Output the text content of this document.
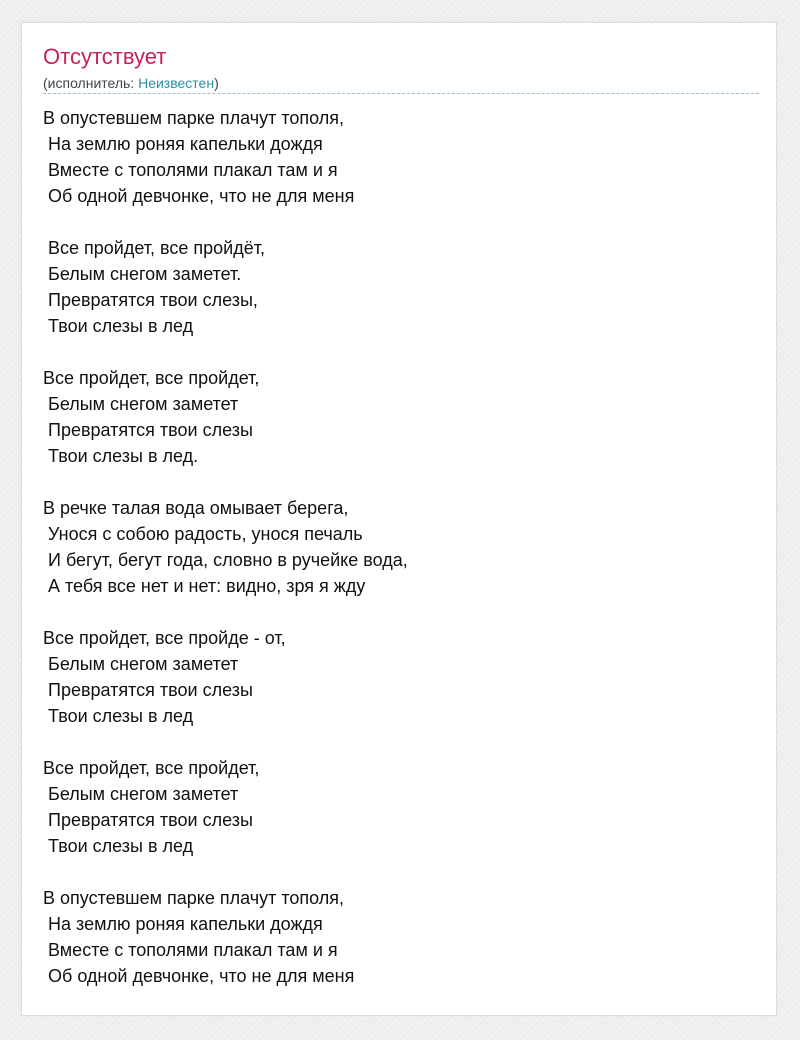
Отсутствует
(исполнитель: Неизвестен)
В опустевшем парке плачут тополя,
На землю роняя капельки дождя
Вместе с тополями плакал там и я
Об одной девчонке, что не для меня
Все пройдет, все пройдёт,
Белым снегом заметет.
Превратятся твои слезы,
Твои слезы в лед
Все пройдет, все пройдет,
Белым снегом заметет
Превратятся твои слезы
Твои слезы в лед.
В речке талая вода омывает берега,
Унося с собою радость, унося печаль
И бегут, бегут года, словно в ручейке вода,
А тебя все нет и нет: видно, зря я жду
Все пройдет, все пройде - от,
Белым снегом заметет
Превратятся твои слезы
Твои слезы в лед
Все пройдет, все пройдет,
Белым снегом заметет
Превратятся твои слезы
Твои слезы в лед
В опустевшем парке плачут тополя,
На землю роняя капельки дождя
Вместе с тополями плакал там и я
Об одной девчонке, что не для меня
